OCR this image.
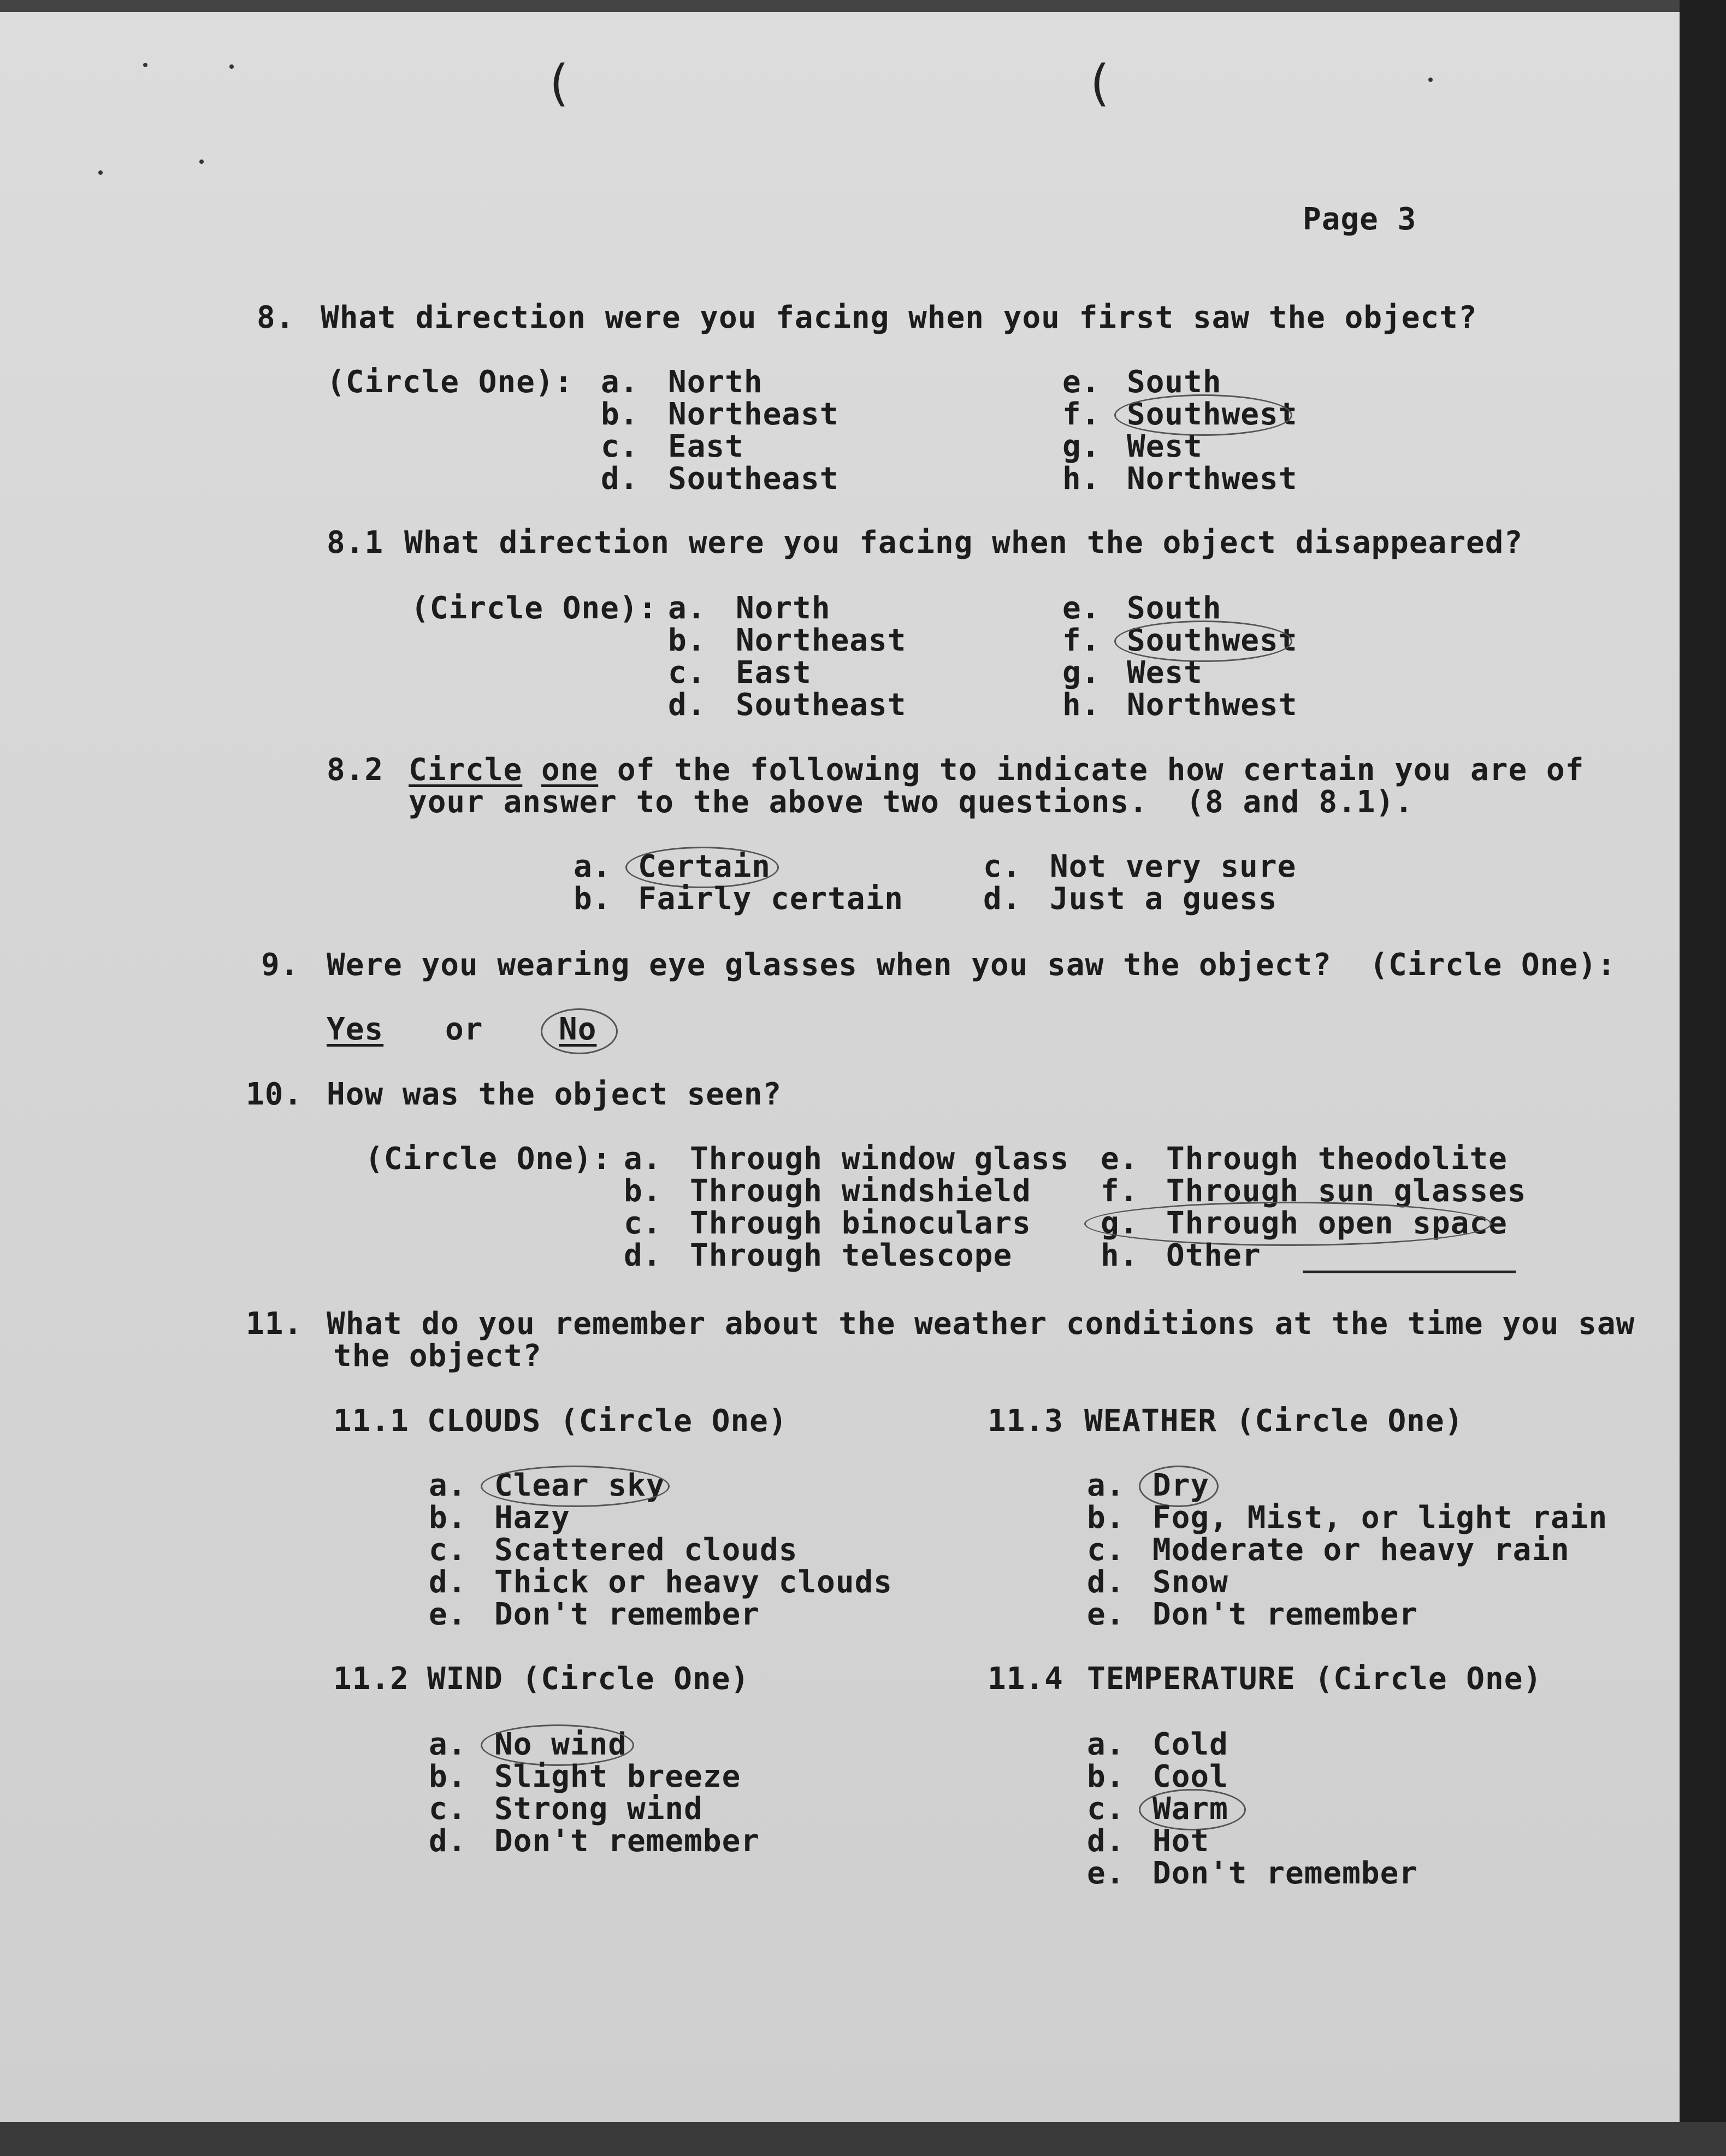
(	(
Page 3
8. What direction were you facing when you first saw the object?
(Circle One): a. North
b. Northeast
c. East
d. Southeast
e. South
f. Southwest
g. West
h. Northwest
8.1 What direction were you facing when the object disappeared?
(Circle One): a. North
b. Northeast
c. East
d. Southeast
e. South
f. Southwest
g. West
h. Northwest
8.2 Circle one of the following to indicate how certain you are of
your answer to the above two questions.  (8 and 8.1).
a. Certain
b. Fairly certain
c. Not very sure
d. Just a guess
9. Were you wearing eye glasses when you saw the object?  (Circle One):
Yes or No
10. How was the object seen?
(Circle One): a. Through window glass
b. Through windshield
c. Through binoculars
d. Through telescope
e. Through theodolite
f. Through sun glasses
g. Through open space
h. Other
11. What do you remember about the weather conditions at the time you saw
the object?
11.1 CLOUDS (Circle One)
a. Clear sky
b. Hazy
c. Scattered clouds
d. Thick or heavy clouds
e. Don't remember
11.2 WIND (Circle One)
a. No wind
b. Slight breeze
c. Strong wind
d. Don't remember
11.3 WEATHER (Circle One)
a. Dry
b. Fog, Mist, or light rain
c. Moderate or heavy rain
d. Snow
e. Don't remember
11.4 TEMPERATURE (Circle One)
a. Cold
b. Cool
c. Warm
d. Hot
e. Don't remember
